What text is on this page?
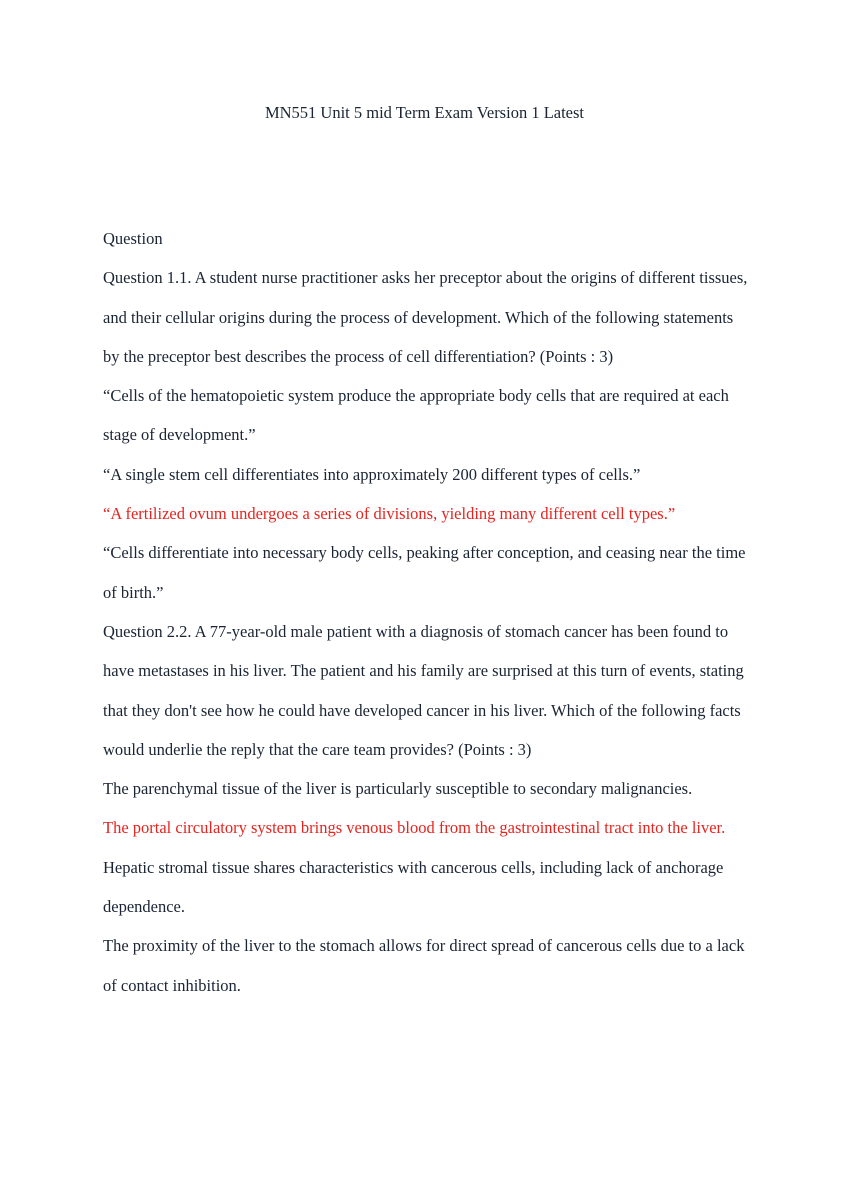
MN551 Unit 5 mid Term Exam Version 1 Latest

Question

Question 1.1. A student nurse practitioner asks her preceptor about the origins of different tissues, and their cellular origins during the process of development. Which of the following statements by the preceptor best describes the process of cell differentiation? (Points : 3)

“Cells of the hematopoietic system produce the appropriate body cells that are required at each stage of development.”

“A single stem cell differentiates into approximately 200 different types of cells.”

“A fertilized ovum undergoes a series of divisions, yielding many different cell types.”

“Cells differentiate into necessary body cells, peaking after conception, and ceasing near the time of birth.”

Question 2.2. A 77-year-old male patient with a diagnosis of stomach cancer has been found to have metastases in his liver. The patient and his family are surprised at this turn of events, stating that they don't see how he could have developed cancer in his liver. Which of the following facts would underlie the reply that the care team provides? (Points : 3)

The parenchymal tissue of the liver is particularly susceptible to secondary malignancies.

The portal circulatory system brings venous blood from the gastrointestinal tract into the liver.

Hepatic stromal tissue shares characteristics with cancerous cells, including lack of anchorage dependence.

The proximity of the liver to the stomach allows for direct spread of cancerous cells due to a lack of contact inhibition.
